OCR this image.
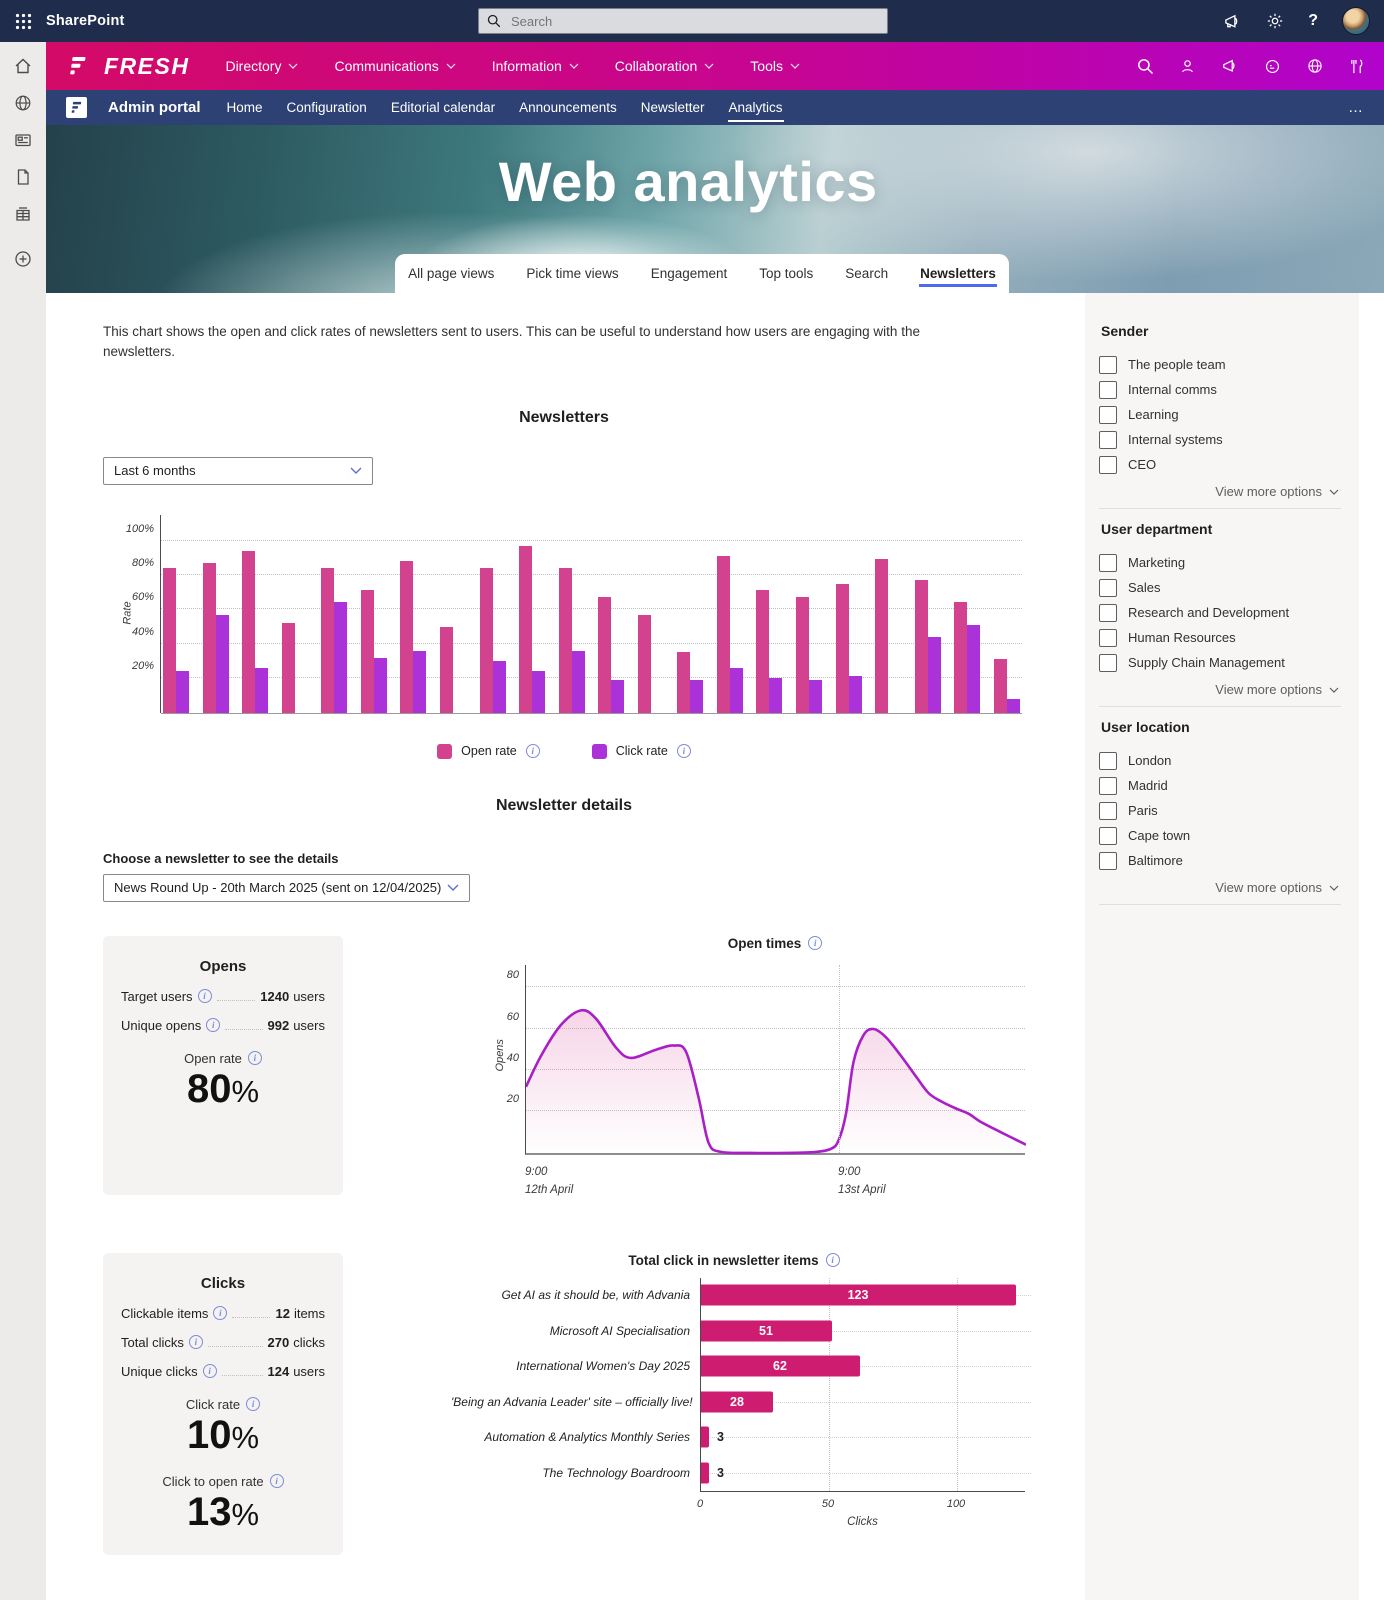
SharePoint
Search	?
FRESH	Directory	Communications	Information	Collaboration	Tools
Admin portal Home Configuration Editorial calendar Announcements Newsletter Analytics	…
Web analytics
All page views Pick time views Engagement Top tools Search Newsletters
This chart shows the open and click rates of newsletters sent to users. This can be useful to understand how users are engaging with the newsletters.
Newsletters
Last 6 months
Rate
20%
40%
60%
80%
100%
Open rate	i	Click rate	i
Newsletter details
Choose a newsletter to see the details
News Round Up - 20th March 2025 (sent on 12/04/2025)
Opens
Target users	i	1240 users
Unique opens	i	992 users
Open rate	i
80%
Open times	i
Opens
20
40
60
80
9:00
12th April
9:00
13st April
Clicks
Clickable items	i	12 items
Total clicks	i	270 clicks
Unique clicks	i	124 users
Click rate	i
10%
Click to open rate	i
13%
Total click in newsletter items	i
Get AI as it should be, with Advania	123
Microsoft AI Specialisation	51
International Women's Day 2025	62
'Being an Advania Leader' site – officially live!	28
Automation & Analytics Monthly Series	3
The Technology Boardroom	3
Clicks
0	50	100
Sender
The people team
Internal comms
Learning
Internal systems
CEO
View more options
User department
Marketing
Sales
Research and Development
Human Resources
Supply Chain Management
View more options
User location
London
Madrid
Paris
Cape town
Baltimore
View more options
